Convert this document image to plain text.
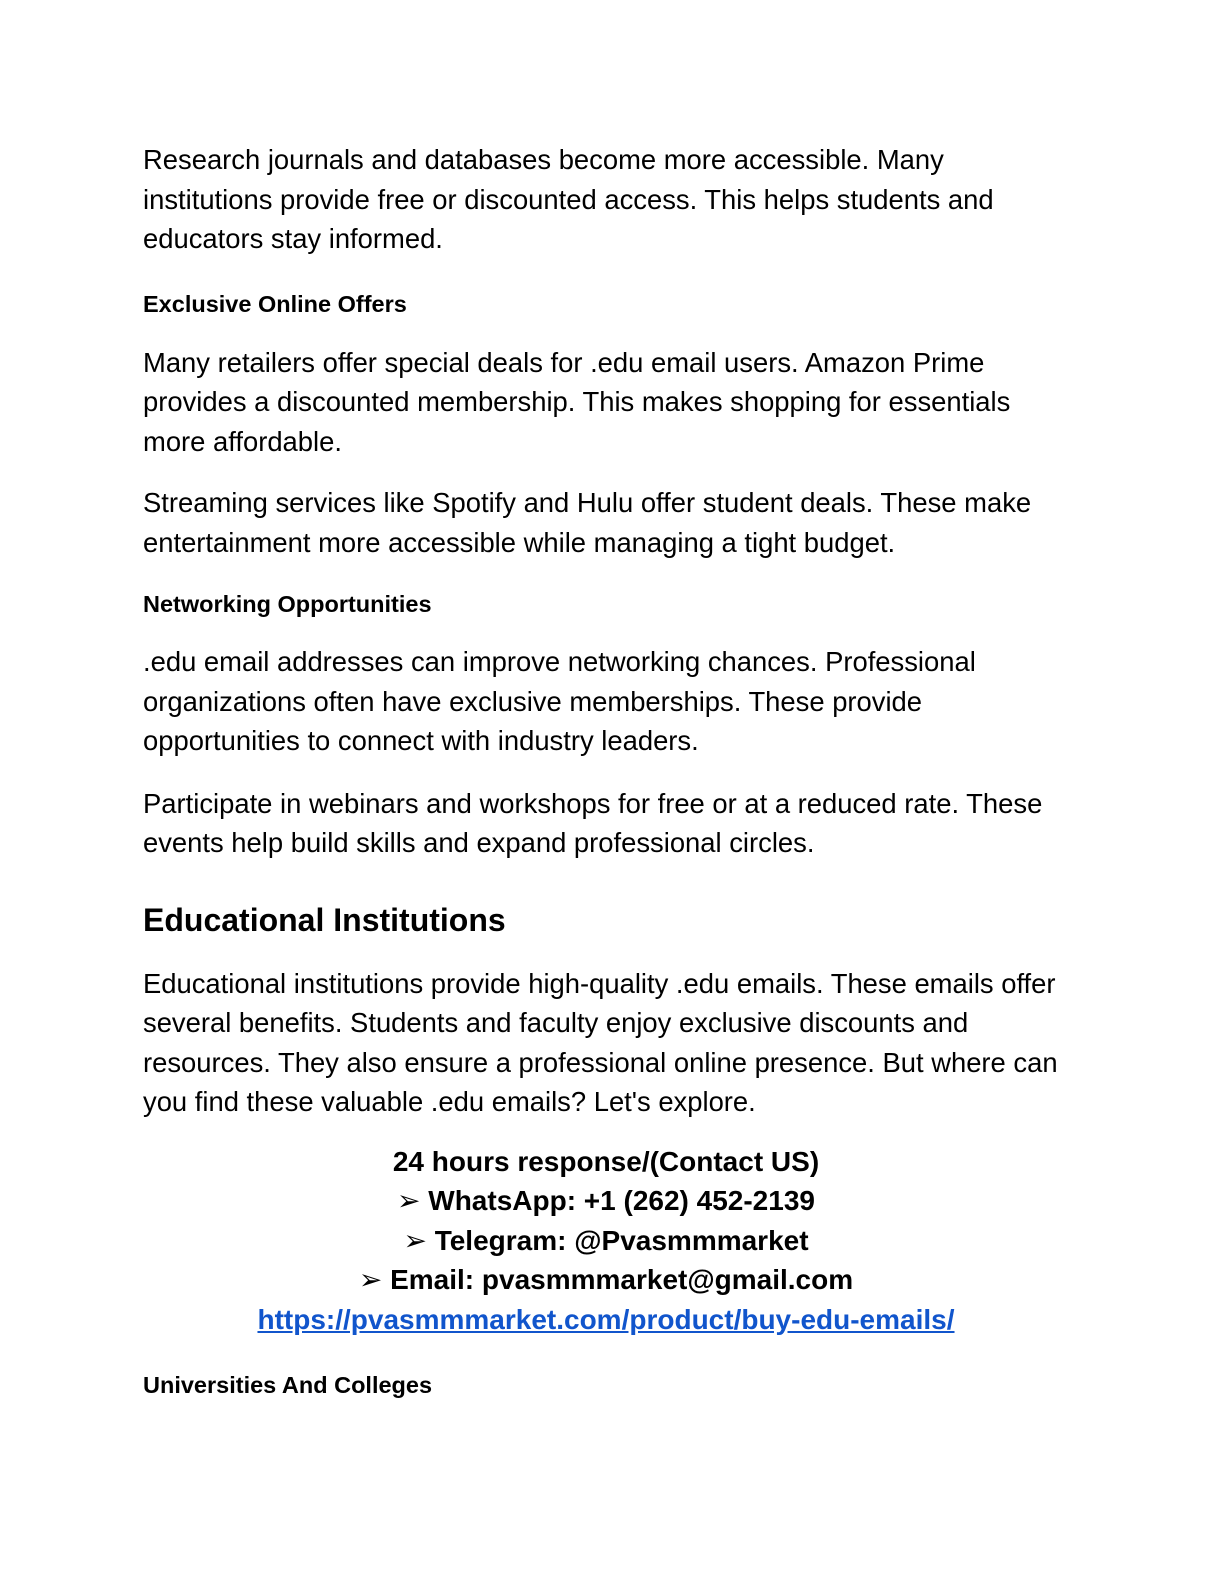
Research journals and databases become more accessible. Many institutions provide free or discounted access. This helps students and educators stay informed.

Exclusive Online Offers

Many retailers offer special deals for .edu email users. Amazon Prime provides a discounted membership. This makes shopping for essentials more affordable.

Streaming services like Spotify and Hulu offer student deals. These make entertainment more accessible while managing a tight budget.

Networking Opportunities

.edu email addresses can improve networking chances. Professional organizations often have exclusive memberships. These provide opportunities to connect with industry leaders.

Participate in webinars and workshops for free or at a reduced rate. These events help build skills and expand professional circles.

Educational Institutions

Educational institutions provide high-quality .edu emails. These emails offer several benefits. Students and faculty enjoy exclusive discounts and resources. They also ensure a professional online presence. But where can you find these valuable .edu emails? Let's explore.

24 hours response/(Contact US)
➢ WhatsApp: +1 (262) 452-2139
➢ Telegram: @Pvasmmmarket
➢ Email: pvasmmmarket@gmail.com
https://pvasmmmarket.com/product/buy-edu-emails/
Universities And Colleges
